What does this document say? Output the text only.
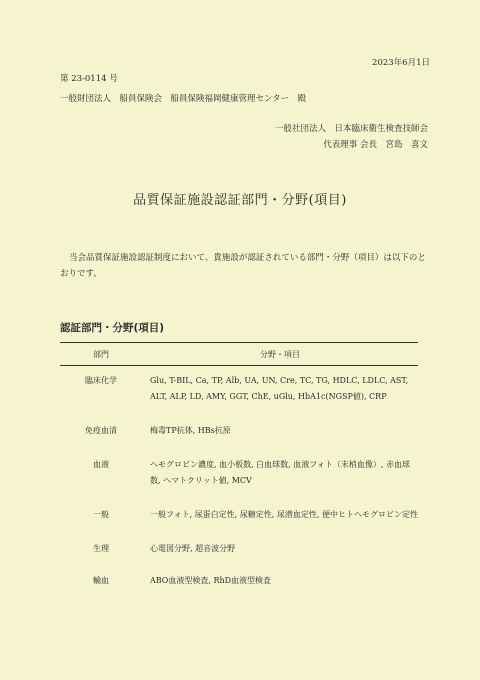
2023年6月1日
第 23-0114 号
一般財団法人　船員保険会　船員保険福岡健康管理センター　殿
一般社団法人　日本臨床衛生検査技師会
代表理事 会長　宮島　喜文
品質保証施設認証部門・分野(項目)
当会品質保証施設認証制度において、貴施設が認証されている部門・分野（項目）は以下のとおりです。
認証部門・分野(項目)
部門	分野・項目
臨床化学	Glu, T-BIL, Ca, TP, Alb, UA, UN, Cre, TC, TG, HDLC, LDLC, AST, ALT, ALP, LD, AMY, GGT, ChE, uGlu, HbA1c(NGSP値), CRP
免疫血清	梅毒TP抗体, HBs抗原
血液	ヘモグロビン濃度, 血小板数, 白血球数, 血液フォト（末梢血像）, 赤血球数, ヘマトクリット値, MCV
一般	一般フォト, 尿蛋白定性, 尿糖定性, 尿潜血定性, 便中ヒトヘモグロビン定性
生理	心電図分野, 超音波分野
輸血	ABO血液型検査, RhD血液型検査
